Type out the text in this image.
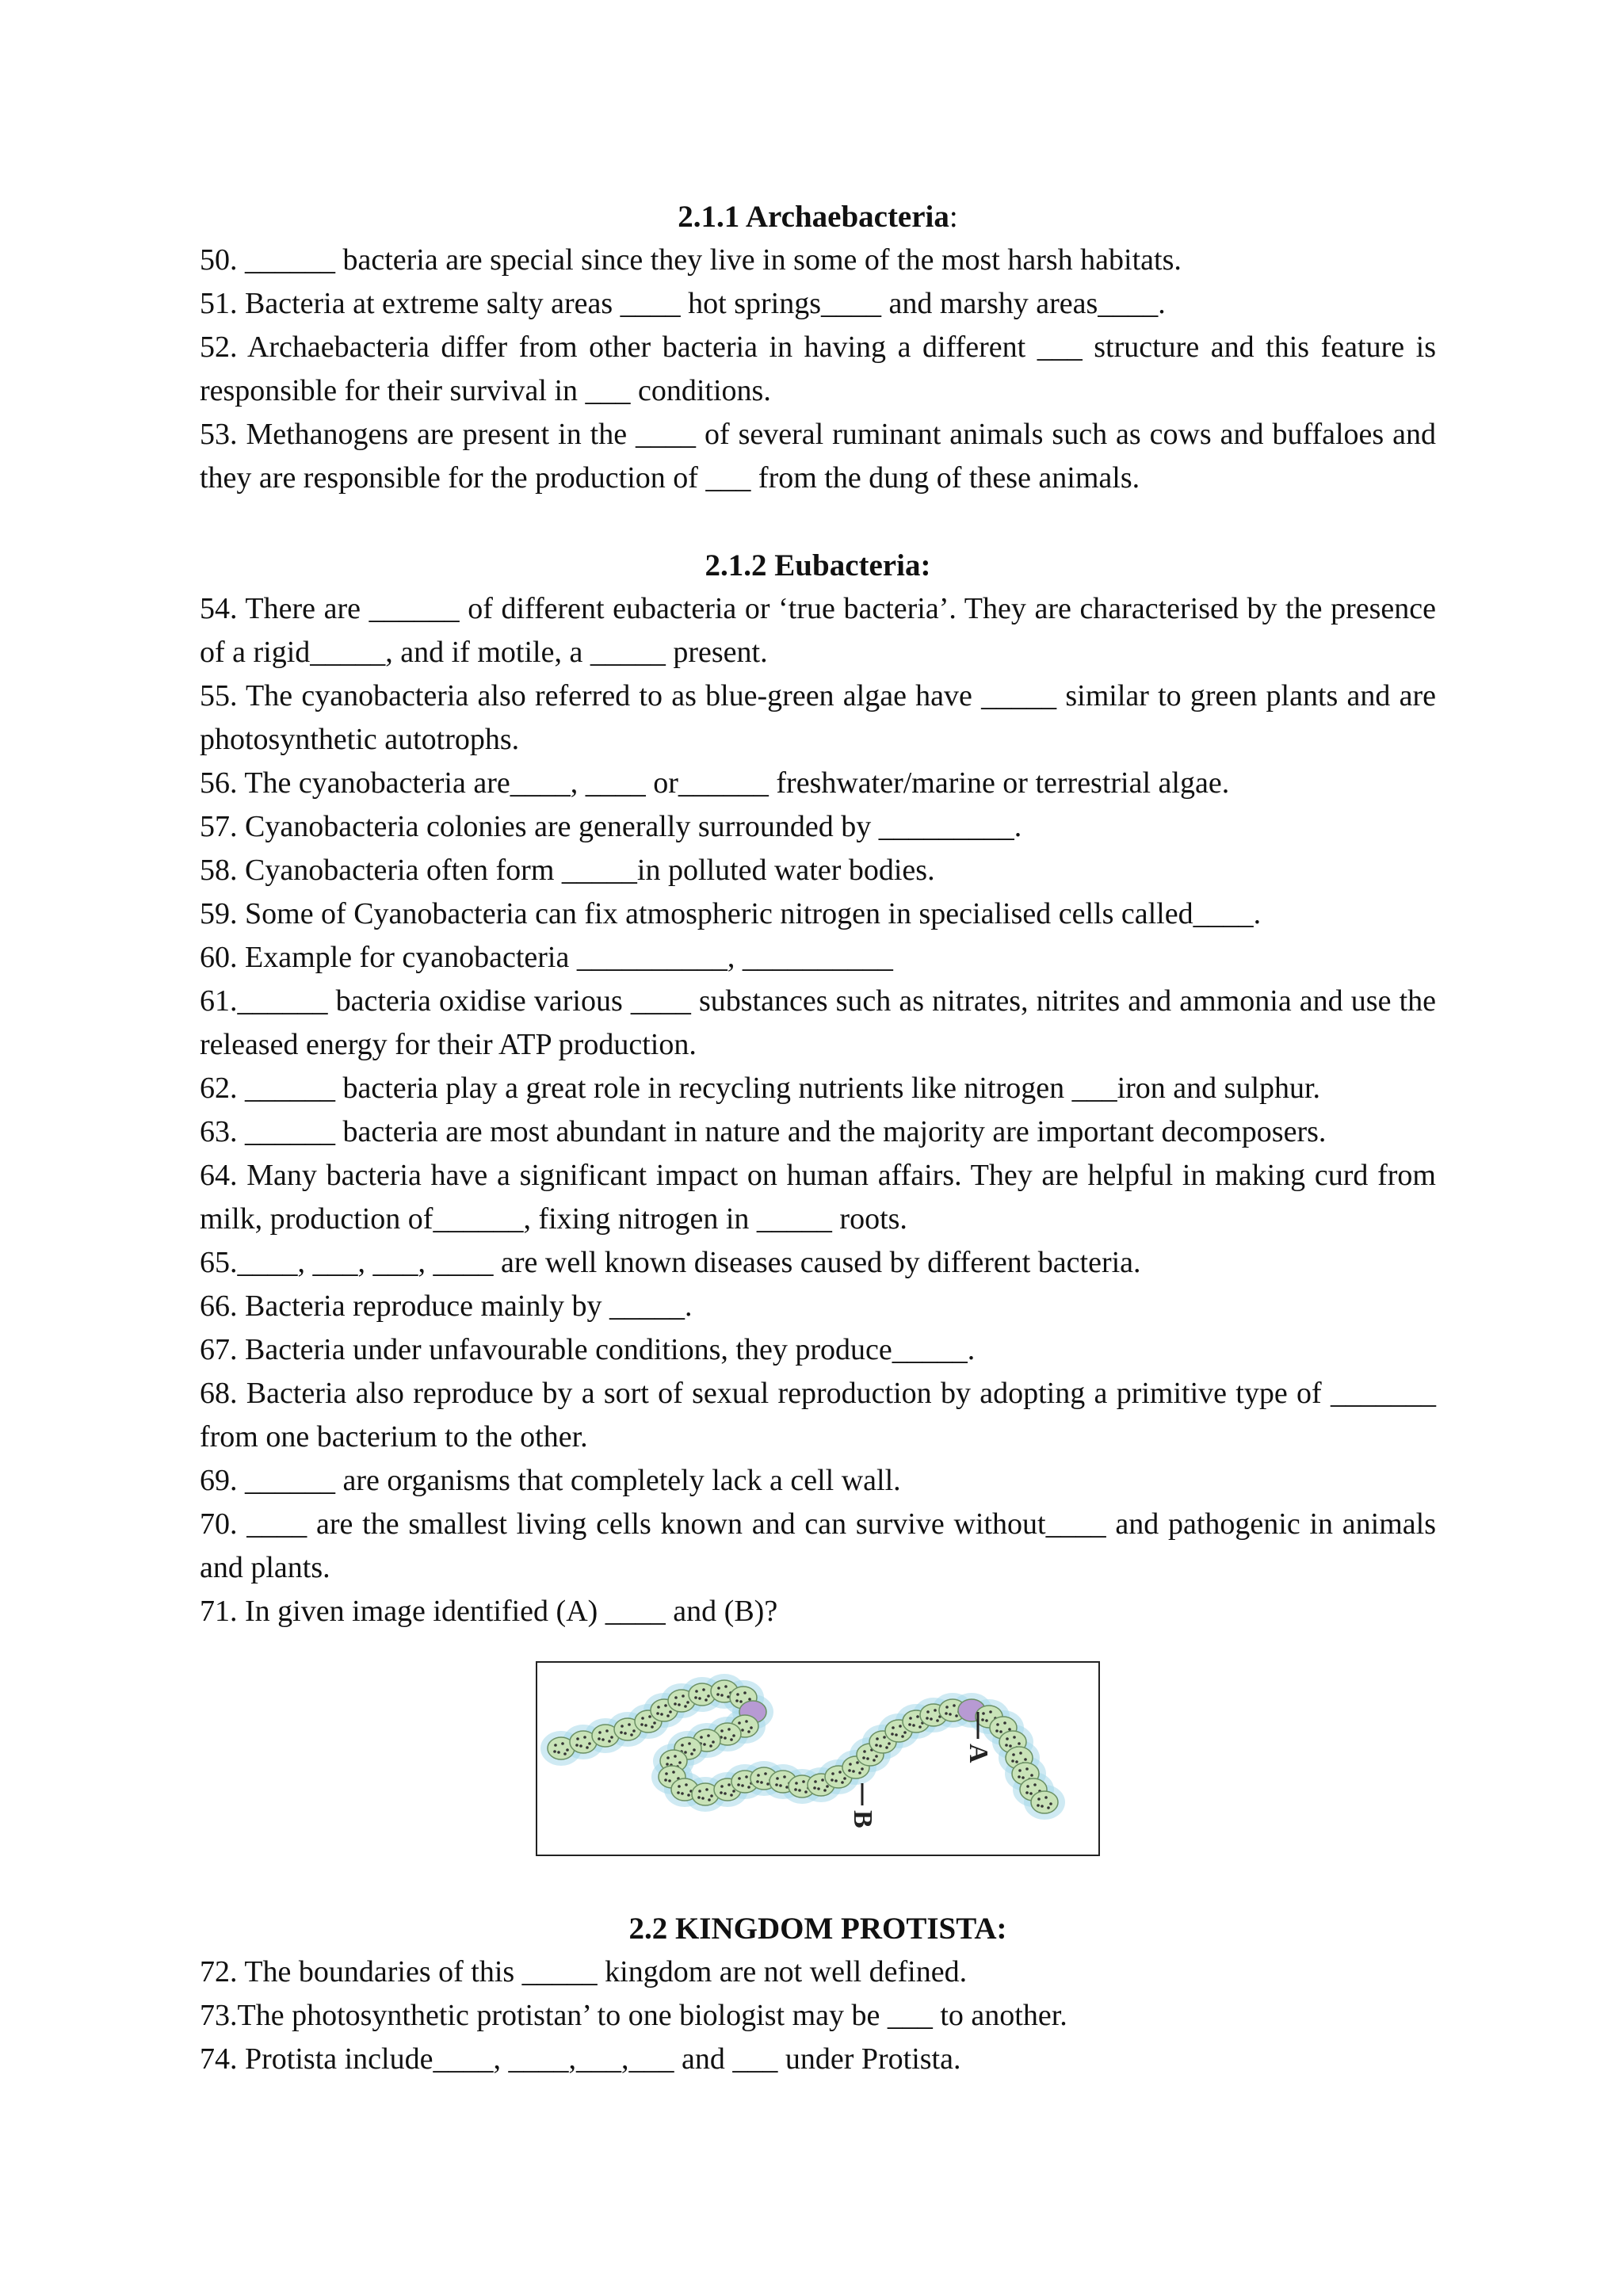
2.1.1 Archaebacteria:

50. ______ bacteria are special since they live in some of the most harsh habitats.

51. Bacteria at extreme salty areas ____ hot springs____ and marshy areas____.

52. Archaebacteria differ from other bacteria in having a different ___ structure and this feature is responsible for their survival in ___ conditions.

53. Methanogens are present in the ____ of several ruminant animals such as cows and buffaloes and they are responsible for the production of ___ from the dung of these animals.

2.1.2 Eubacteria:

54. There are ______ of different eubacteria or ‘true bacteria’. They are characterised by the presence of a rigid_____, and if motile, a _____ present.

55. The cyanobacteria also referred to as blue-green algae have _____ similar to green plants and are photosynthetic autotrophs.

56. The cyanobacteria are____, ____ or______ freshwater/marine or terrestrial algae.

57. Cyanobacteria colonies are generally surrounded by _________.

58. Cyanobacteria often form _____in polluted water bodies.

59. Some of Cyanobacteria can fix atmospheric nitrogen in specialised cells called____.

60. Example for cyanobacteria __________, __________

61.______ bacteria oxidise various ____ substances such as nitrates, nitrites and ammonia and use the released energy for their ATP production.

62. ______ bacteria play a great role in recycling nutrients like nitrogen ___iron and sulphur.

63. ______ bacteria are most abundant in nature and the majority are important decomposers.

64. Many bacteria have a significant impact on human affairs. They are helpful in making curd from milk, production of______, fixing nitrogen in _____ roots.

65.____, ___, ___, ____ are well known diseases caused by different bacteria.

66. Bacteria reproduce mainly by _____.

67. Bacteria under unfavourable conditions, they produce_____.

68. Bacteria also reproduce by a sort of sexual reproduction by adopting a primitive type of _______ from one bacterium to the other.

69. ______ are organisms that completely lack a cell wall.

70. ____ are the smallest living cells known and can survive without____ and pathogenic in animals and plants.

71. In given image identified (A) ____ and (B)?

A
B
2.2 KINGDOM PROTISTA:

72. The boundaries of this _____ kingdom are not well defined.

73.The photosynthetic protistan’ to one biologist may be ___ to another.

74. Protista include____, ____,___,___ and ___ under Protista.
